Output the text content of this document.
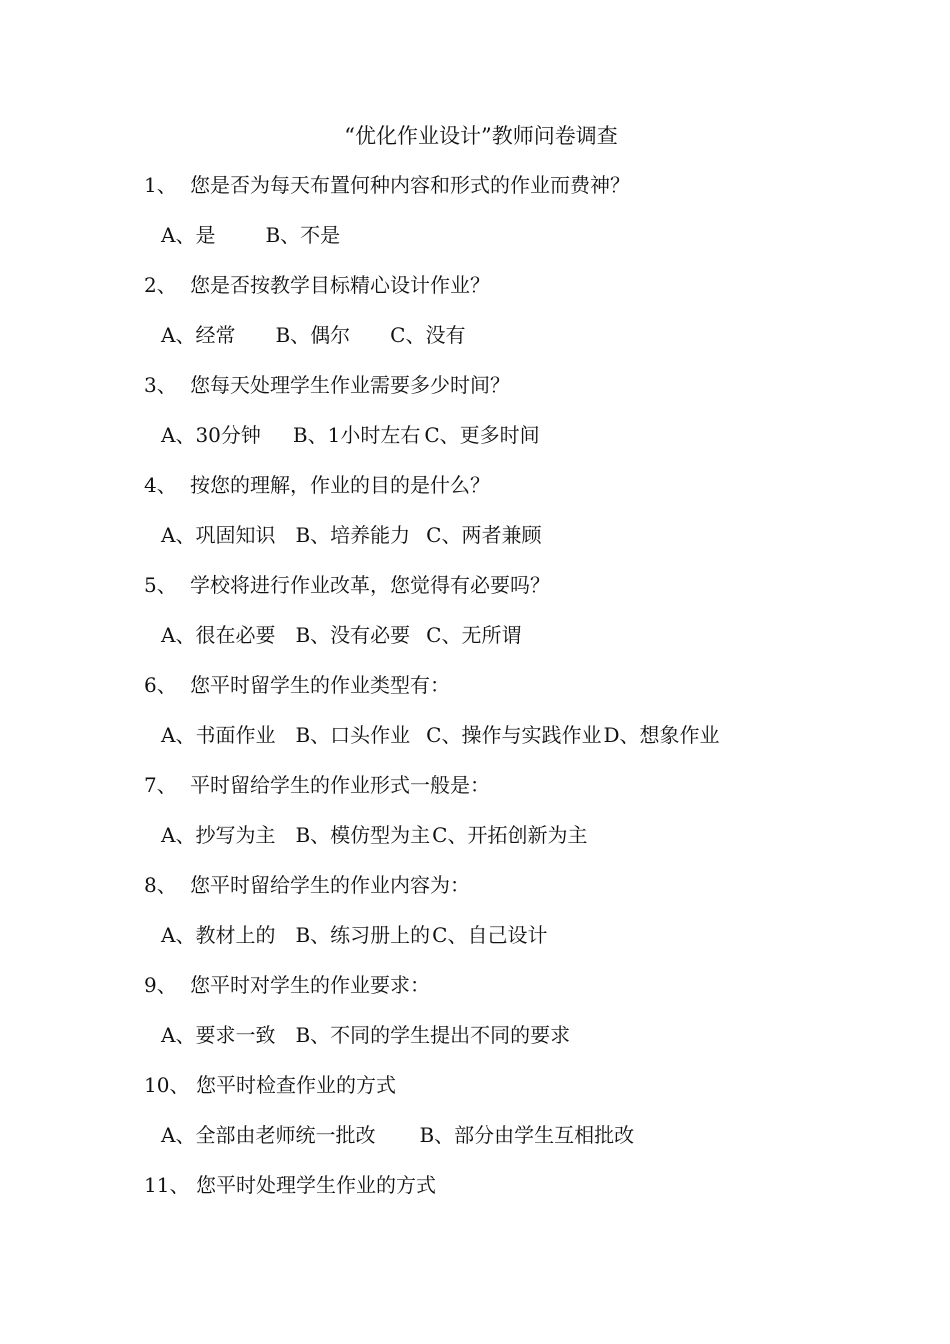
“优化作业设计”教师问卷调查
1、 您是否为每天布置何种内容和形式的作业而费神？
A、是	B、不是
2、 您是否按教学目标精心设计作业？
A、经常 B、偶尔 C、没有
3、 您每天处理学生作业需要多少时间？
A、30分钟 B、1小时左右 C、更多时间
4、 按您的理解，作业的目的是什么？
A、巩固知识 B、培养能力 C、两者兼顾
5、 学校将进行作业改革，您觉得有必要吗？
A、很在必要 B、没有必要 C、无所谓
6、 您平时留学生的作业类型有：
A、书面作业 B、口头作业 C、操作与实践作业 D、想象作业
7、 平时留给学生的作业形式一般是：
A、抄写为主 B、模仿型为主 C、开拓创新为主
8、 您平时留给学生的作业内容为：
A、教材上的 B、练习册上的 C、自己设计
9、 您平时对学生的作业要求：
A、要求一致 B、不同的学生提出不同的要求
10、 您平时检查作业的方式
A、全部由老师统一批改 B、部分由学生互相批改
11、 您平时处理学生作业的方式
